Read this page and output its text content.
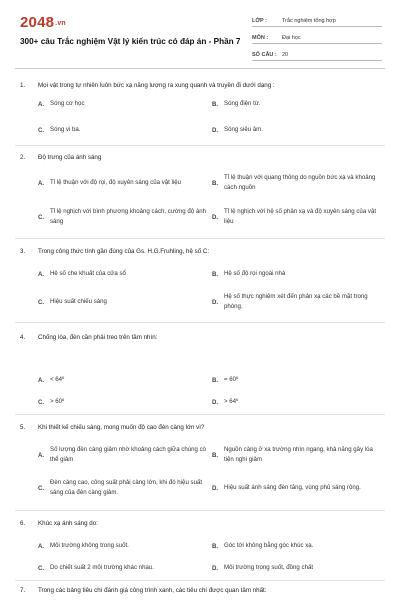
2048.vn
300+ câu Trắc nghiệm Vật lý kiến trúc có đáp án - Phần 7
LỚP :	Trắc nghiệm tổng hợp
MÔN :	Đại học
SỐ CÂU : 20
1. Mọi vật trong tự nhiên luôn bức xạ năng lượng ra xung quanh và truyền đi dưới dạng :
A. Sóng cơ học	B. Sóng điện từ.
C. Sóng vi ba.	D. Sóng siêu âm.
2. Độ trưng của ánh sáng
A. Tỉ lệ thuận với độ rọi, độ xuyên sáng của vật liệu	B.
Tỉ lệ thuận với quang thông do nguồn bức xạ và khoảng cách nguồn
C.
Tỉ lệ nghịch với bình phương khoảng cách, cường độ ánh sáng
D.
Tỉ lệ nghịch với hệ số phản xạ và độ xuyên sáng của vật liệu
3. Trong công thức tính gần đúng của Gs. H.G.Fruhling, hệ số C:
A. Hệ số che khuất của cửa sổ	B. Hệ số độ rọi ngoài nhà
C. Hiệu suất chiếu sáng	D.
Hệ số thực nghiệm xét đến phản xạ các bề mặt trong phòng.
4. Chống lóa, đèn cần phải treo trên tầm nhìn:
A. < 64º	B. = 60º
C. > 60º	D. > 64º
5. Khi thiết kế chiếu sáng, mong muốn độ cao đèn càng lớn vì?
A.
Số lượng đèn càng giảm nhờ khoảng cách giữa chúng có thể giảm
B.
Nguồn càng ở xa trường nhìn ngang, khả năng gây lóa tiện nghi giảm
C.
Đèn càng cao, công suất phải càng lớn, khi đó hiệu suất sáng của đèn càng giảm.
D. Hiệu suất ánh sáng đèn tăng, vùng phủ sáng rộng.
6. Khúc xạ ánh sáng do:
A. Môi trường không trong suốt.	B. Góc tới không bằng góc khúc xạ.
C. Do chiết suất 2 môi trường khác nhau.	D. Môi trường trong suốt, đồng chất
7. Trong các bảng tiêu chí đánh giá công trình xanh, các tiêu chí được quan tâm nhất:
